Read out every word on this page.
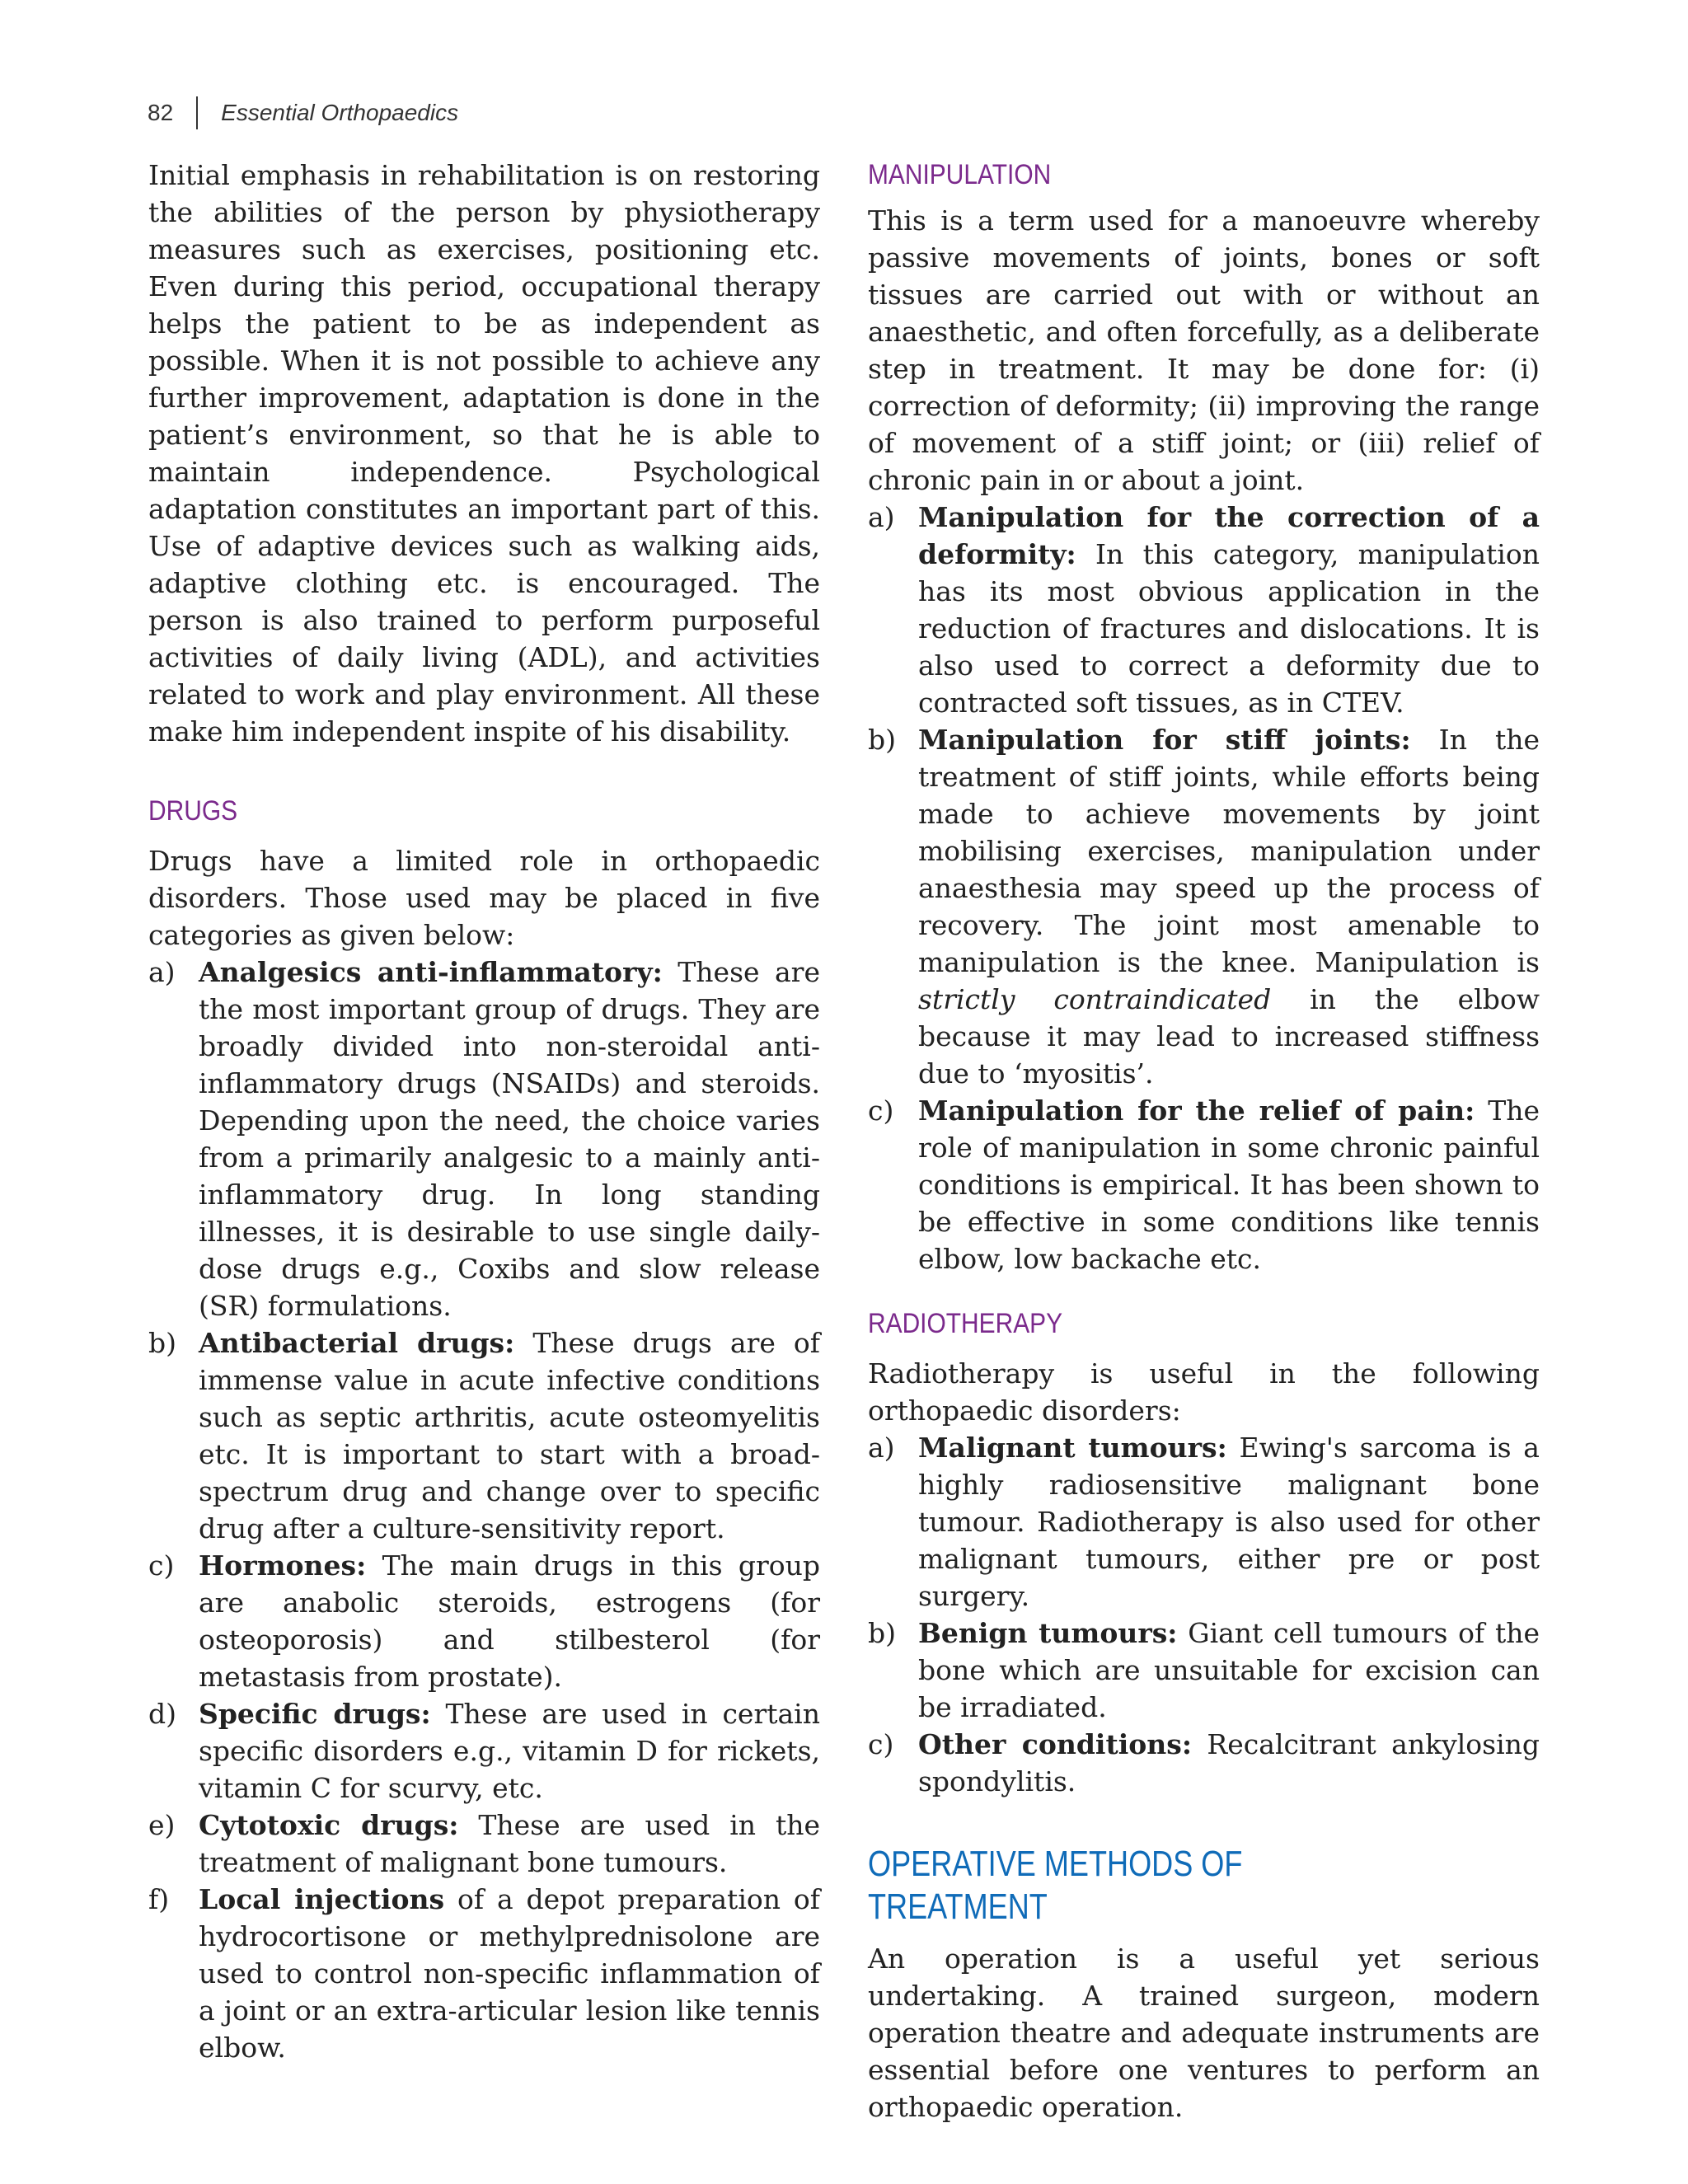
82 Essential Orthopaedics

Initial emphasis in rehabilitation is on restoring the abilities of the person by physiotherapy measures such as exercises, positioning etc. Even during this period, occupational therapy helps the patient to be as independent as possible. When it is not possible to achieve any further improvement, adaptation is done in the patient’s environment, so that he is able to maintain independence. Psychological adaptation constitutes an important part of this. Use of adaptive devices such as walking aids, adaptive clothing etc. is encouraged. The person is also trained to perform purposeful activities of daily living (ADL), and activities related to work and play environment. All these make him independent inspite of his disability.

DRUGS

Drugs have a limited role in orthopaedic disorders. Those used may be placed in five categories as given below:

a) Analgesics anti-inflammatory: These are the most important group of drugs. They are broadly divided into non-steroidal anti-inflammatory drugs (NSAIDs) and steroids. Depending upon the need, the choice varies from a primarily analgesic to a mainly anti-inflammatory drug. In long standing illnesses, it is desirable to use single daily-dose drugs e.g., Coxibs and slow release (SR) formulations.
b) Antibacterial drugs: These drugs are of immense value in acute infective conditions such as septic arthritis, acute osteomyelitis etc. It is important to start with a broad-spectrum drug and change over to specific drug after a culture-sensitivity report.
c) Hormones: The main drugs in this group are anabolic steroids, estrogens (for osteoporosis) and stilbesterol (for metastasis from prostate).
d) Specific drugs: These are used in certain specific disorders e.g., vitamin D for rickets, vitamin C for scurvy, etc.
e) Cytotoxic drugs: These are used in the treatment of malignant bone tumours.
f) Local injections of a depot preparation of hydrocortisone or methylprednisolone are used to control non-specific inflammation of a joint or an extra-articular lesion like tennis elbow.
MANIPULATION

This is a term used for a manoeuvre whereby passive movements of joints, bones or soft tissues are carried out with or without an anaesthetic, and often forcefully, as a deliberate step in treatment. It may be done for: (i) correction of deformity; (ii) improving the range of movement of a stiff joint; or (iii) relief of chronic pain in or about a joint.

a) Manipulation for the correction of a deformity: In this category, manipulation has its most obvious application in the reduction of fractures and dislocations. It is also used to correct a deformity due to contracted soft tissues, as in CTEV.
b) Manipulation for stiff joints: In the treatment of stiff joints, while efforts being made to achieve movements by joint mobilising exercises, manipulation under anaesthesia may speed up the process of recovery. The joint most amenable to manipulation is the knee. Manipulation is strictly contraindicated in the elbow because it may lead to increased stiffness due to ‘myositis’.
c) Manipulation for the relief of pain: The role of manipulation in some chronic painful conditions is empirical. It has been shown to be effective in some conditions like tennis elbow, low backache etc.
RADIOTHERAPY

Radiotherapy is useful in the following orthopaedic disorders:

a) Malignant tumours: Ewing's sarcoma is a highly radiosensitive malignant bone tumour. Radiotherapy is also used for other malignant tumours, either pre or post surgery.
b) Benign tumours: Giant cell tumours of the bone which are unsuitable for excision can be irradiated.
c) Other conditions: Recalcitrant ankylosing spondylitis.
OPERATIVE METHODS OF TREATMENT

An operation is a useful yet serious undertaking. A trained surgeon, modern operation theatre and adequate instruments are essential before one ventures to perform an orthopaedic operation.
